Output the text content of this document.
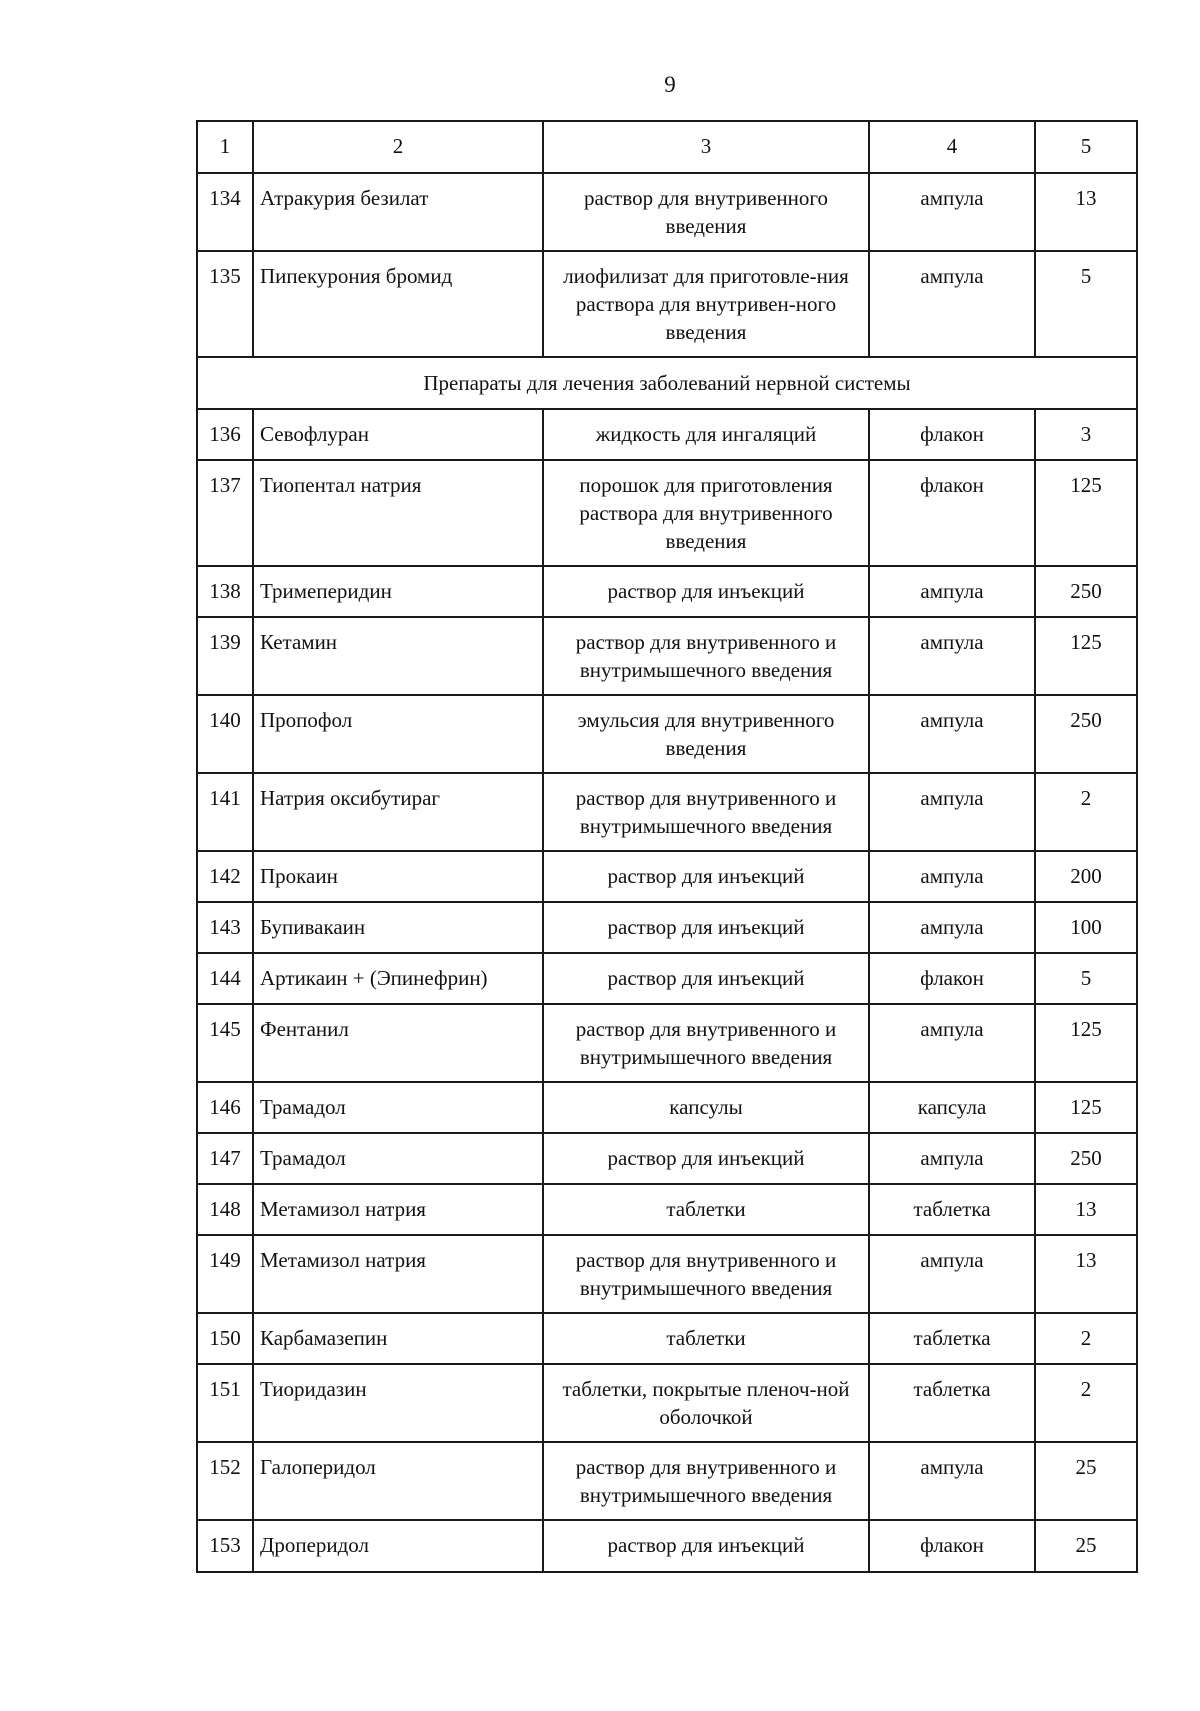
9
1	2	3	4	5
134	Атракурия безилат	раствор для внутривенного введения	ампула	13
135	Пипекурония бромид	лиофилизат для приготовле-ния раствора для внутривен-ного введения	ампула	5
Препараты для лечения заболеваний нервной системы				
136	Севофлуран	жидкость для ингаляций	флакон	3
137	Тиопентал натрия	порошок для приготовления раствора для внутривенного введения	флакон	125
138	Тримеперидин	раствор для инъекций	ампула	250
139	Кетамин	раствор для внутривенного и внутримышечного введения	ампула	125
140	Пропофол	эмульсия для внутривенного введения	ампула	250
141	Натрия оксибутираг	раствор для внутривенного и внутримышечного введения	ампула	2
142	Прокаин	раствор для инъекций	ампула	200
143	Бупивакаин	раствор для инъекций	ампула	100
144	Артикаин + (Эпинефрин)	раствор для инъекций	флакон	5
145	Фентанил	раствор для внутривенного и внутримышечного введения	ампула	125
146	Трамадол	капсулы	капсула	125
147	Трамадол	раствор для инъекций	ампула	250
148	Метамизол натрия	таблетки	таблетка	13
149	Метамизол натрия	раствор для внутривенного и внутримышечного введения	ампула	13
150	Карбамазепин	таблетки	таблетка	2
151	Тиоридазин	таблетки, покрытые пленоч-ной оболочкой	таблетка	2
152	Галоперидол	раствор для внутривенного и внутримышечного введения	ампула	25
153	Дроперидол	раствор для инъекций	флакон	25
